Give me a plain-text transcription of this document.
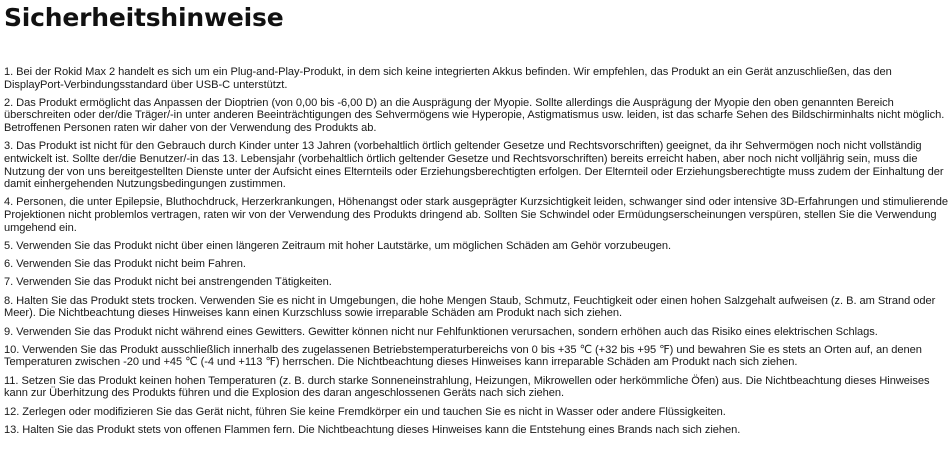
Sicherheitshinweise
1. Bei der Rokid Max 2 handelt es sich um ein Plug-and-Play-Produkt, in dem sich keine integrierten Akkus befinden. Wir empfehlen, das Produkt an ein Gerät anzuschließen, das den DisplayPort-Verbindungsstandard über USB-C unterstützt.
2. Das Produkt ermöglicht das Anpassen der Dioptrien (von 0,00 bis -6,00 D) an die Ausprägung der Myopie. Sollte allerdings die Ausprägung der Myopie den oben genannten Bereich überschreiten oder der/die Träger/-in unter anderen Beeinträchtigungen des Sehvermögens wie Hyperopie, Astigmatismus usw. leiden, ist das scharfe Sehen des Bildschirminhalts nicht möglich. Betroffenen Personen raten wir daher von der Verwendung des Produkts ab.
3. Das Produkt ist nicht für den Gebrauch durch Kinder unter 13 Jahren (vorbehaltlich örtlich geltender Gesetze und Rechtsvorschriften) geeignet, da ihr Sehvermögen noch nicht vollständig entwickelt ist. Sollte der/die Benutzer/-in das 13. Lebensjahr (vorbehaltlich örtlich geltender Gesetze und Rechtsvorschriften) bereits erreicht haben, aber noch nicht volljährig sein, muss die Nutzung der von uns bereitgestellten Dienste unter der Aufsicht eines Elternteils oder Erziehungsberechtigten erfolgen. Der Elternteil oder Erziehungsberechtigte muss zudem der Einhaltung der damit einhergehenden Nutzungsbedingungen zustimmen.
4. Personen, die unter Epilepsie, Bluthochdruck, Herzerkrankungen, Höhenangst oder stark ausgeprägter Kurzsichtigkeit leiden, schwanger sind oder intensive 3D-Erfahrungen und stimulierende Projektionen nicht problemlos vertragen, raten wir von der Verwendung des Produkts dringend ab. Sollten Sie Schwindel oder Ermüdungserscheinungen verspüren, stellen Sie die Verwendung umgehend ein.
5. Verwenden Sie das Produkt nicht über einen längeren Zeitraum mit hoher Lautstärke, um möglichen Schäden am Gehör vorzubeugen.
6. Verwenden Sie das Produkt nicht beim Fahren.
7. Verwenden Sie das Produkt nicht bei anstrengenden Tätigkeiten.
8. Halten Sie das Produkt stets trocken. Verwenden Sie es nicht in Umgebungen, die hohe Mengen Staub, Schmutz, Feuchtigkeit oder einen hohen Salzgehalt aufweisen (z. B. am Strand oder Meer). Die Nichtbeachtung dieses Hinweises kann einen Kurzschluss sowie irreparable Schäden am Produkt nach sich ziehen.
9. Verwenden Sie das Produkt nicht während eines Gewitters. Gewitter können nicht nur Fehlfunktionen verursachen, sondern erhöhen auch das Risiko eines elektrischen Schlags.
10. Verwenden Sie das Produkt ausschließlich innerhalb des zugelassenen Betriebstemperaturbereichs von 0 bis +35 ℃ (+32 bis +95 ℉) und bewahren Sie es stets an Orten auf, an denen Temperaturen zwischen -20 und +45 ℃ (-4 und +113 ℉) herrschen. Die Nichtbeachtung dieses Hinweises kann irreparable Schäden am Produkt nach sich ziehen.
11. Setzen Sie das Produkt keinen hohen Temperaturen (z. B. durch starke Sonneneinstrahlung, Heizungen, Mikrowellen oder herkömmliche Öfen) aus. Die Nichtbeachtung dieses Hinweises kann zur Überhitzung des Produkts führen und die Explosion des daran angeschlossenen Geräts nach sich ziehen.
12. Zerlegen oder modifizieren Sie das Gerät nicht, führen Sie keine Fremdkörper ein und tauchen Sie es nicht in Wasser oder andere Flüssigkeiten.
13. Halten Sie das Produkt stets von offenen Flammen fern. Die Nichtbeachtung dieses Hinweises kann die Entstehung eines Brands nach sich ziehen.
